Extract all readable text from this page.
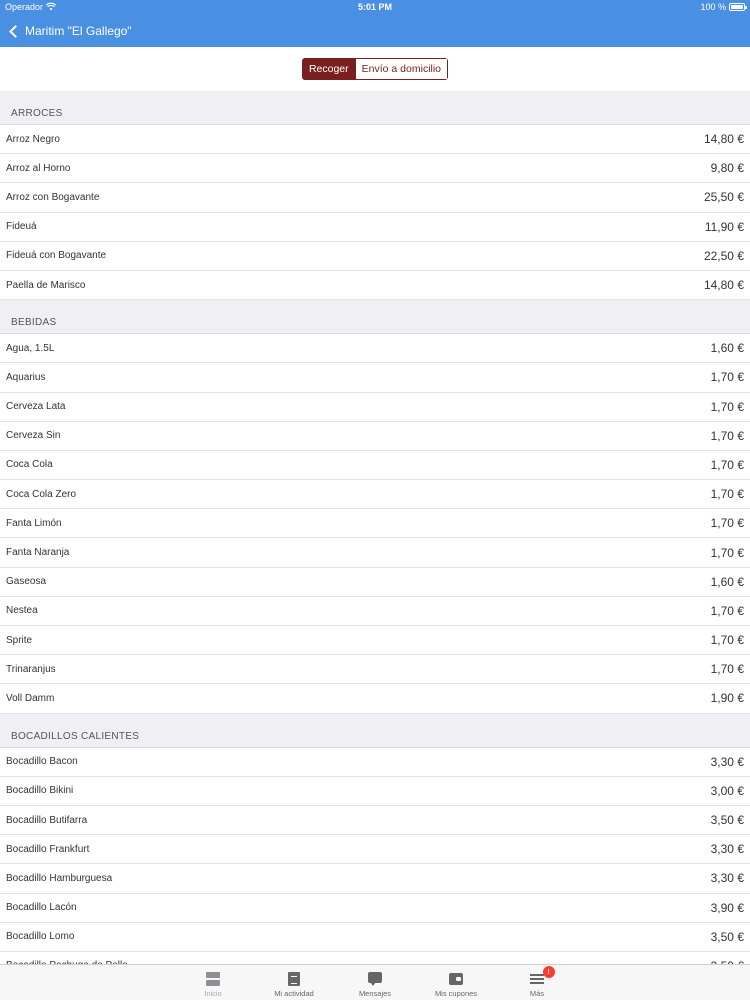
Operador	5:01 PM	100 %
Maritim "El Gallego"
Recoger	Envío a domicilio
ARROCES
Arroz Negro	14,80 €
Arroz al Horno	9,80 €
Arroz con Bogavante	25,50 €
Fideuá	11,90 €
Fideuá con Bogavante	22,50 €
Paella de Marisco	14,80 €
BEBIDAS
Agua, 1.5L	1,60 €
Aquarius	1,70 €
Cerveza Lata	1,70 €
Cerveza Sin	1,70 €
Coca Cola	1,70 €
Coca Cola Zero	1,70 €
Fanta Limón	1,70 €
Fanta Naranja	1,70 €
Gaseosa	1,60 €
Nestea	1,70 €
Sprite	1,70 €
Trinaranjus	1,70 €
Voll Damm	1,90 €
BOCADILLOS CALIENTES
Bocadillo Bacon	3,30 €
Bocadillo Bikini	3,00 €
Bocadillo Butifarra	3,50 €
Bocadillo Frankfurt	3,30 €
Bocadillo Hamburguesa	3,30 €
Bocadillo Lacón	3,90 €
Bocadillo Lomo	3,50 €
Inicio	Mi actividad	Mensajes	Mis cupones
!
Más
